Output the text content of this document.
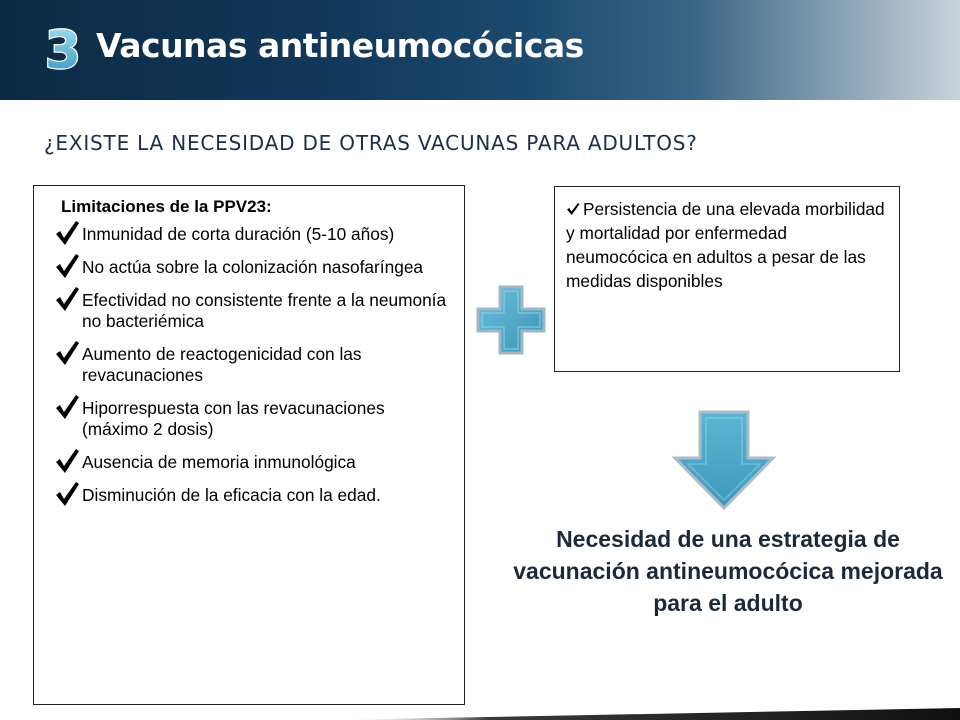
3 Vacunas antineumocócicas
¿EXISTE LA NECESIDAD DE OTRAS VACUNAS PARA ADULTOS?
Limitaciones de la PPV23:
Inmunidad de corta duración (5-10 años)
No actúa sobre la colonización nasofaríngea
Efectividad no consistente frente a la neumonía no bacteriémica
Aumento de reactogenicidad con las revacunaciones
Hiporrespuesta con las revacunaciones (máximo 2 dosis)
Ausencia de memoria inmunológica
Disminución de la eficacia con la edad.

Persistencia de una elevada morbilidad y mortalidad por enfermedad neumocócica en adultos a pesar de las medidas disponibles

Necesidad de una estrategia de vacunación antineumocócica mejorada para el adulto
